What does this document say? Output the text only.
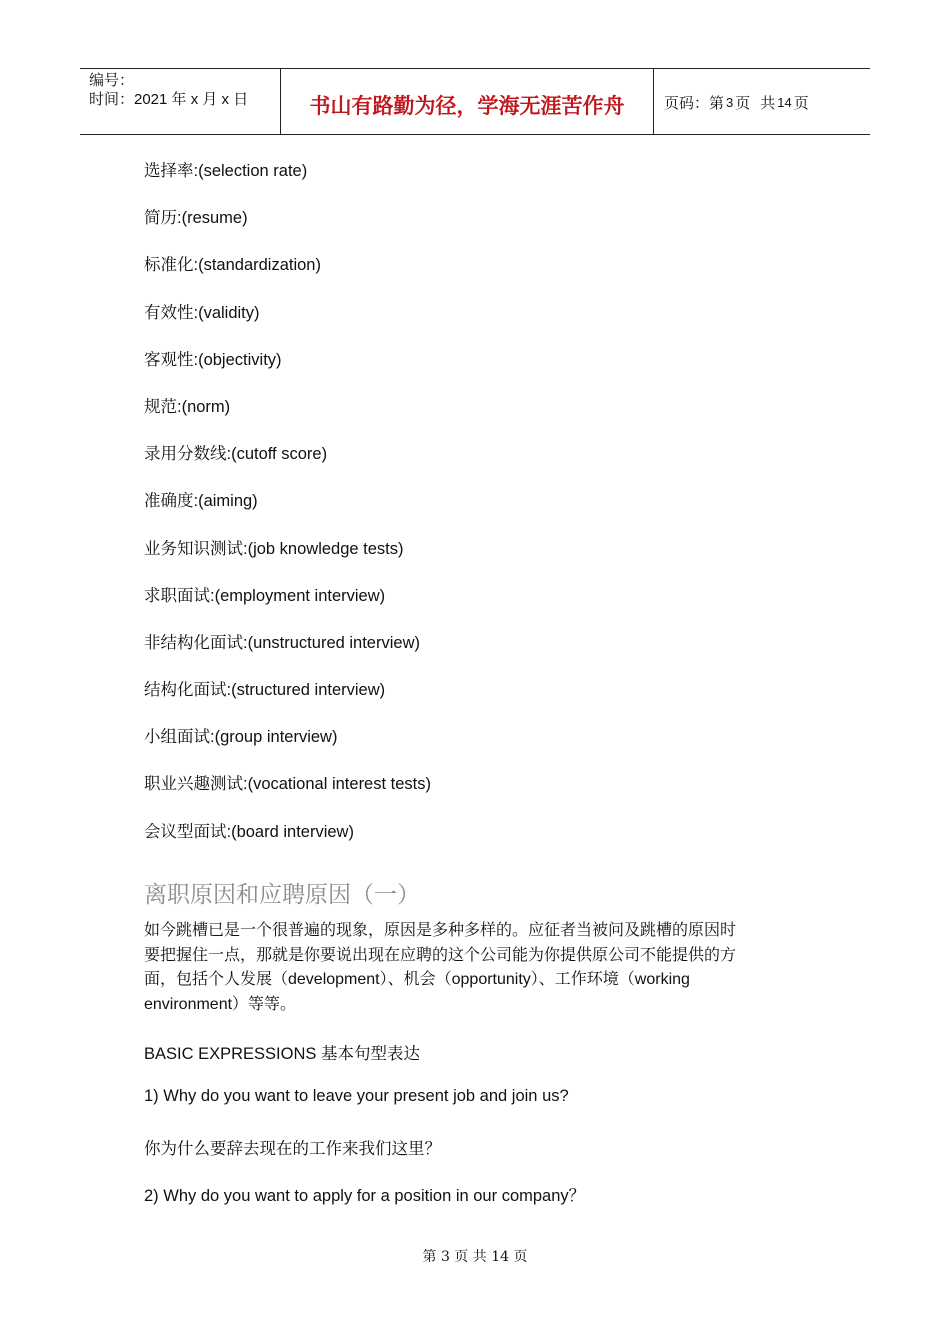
编号：
时间：2021 年 x 月 x 日	书山有路勤为径，学海无涯苦作舟	页码：第 3 页 共 14 页
选择率:(selection rate)
简历:(resume)
标准化:(standardization)
有效性:(validity)
客观性:(objectivity)
规范:(norm)
录用分数线:(cutoff score)
准确度:(aiming)
业务知识测试:(job knowledge tests)
求职面试:(employment interview)
非结构化面试:(unstructured interview)
结构化面试:(structured interview)
小组面试:(group interview)
职业兴趣测试:(vocational interest tests)
会议型面试:(board interview)
离职原因和应聘原因（一）
如今跳槽已是一个很普遍的现象，原因是多种多样的。应征者当被问及跳槽的原因时
要把握住一点，那就是你要说出现在应聘的这个公司能为你提供原公司不能提供的方
面，包括个人发展（development）、机会（opportunity）、工作环境（working
environment）等等。
BASIC EXPRESSIONS 基本句型表达
1) Why do you want to leave your present job and join us?
你为什么要辞去现在的工作来我们这里？
2) Why do you want to apply for a position in our company？
第 3 页 共 14 页
